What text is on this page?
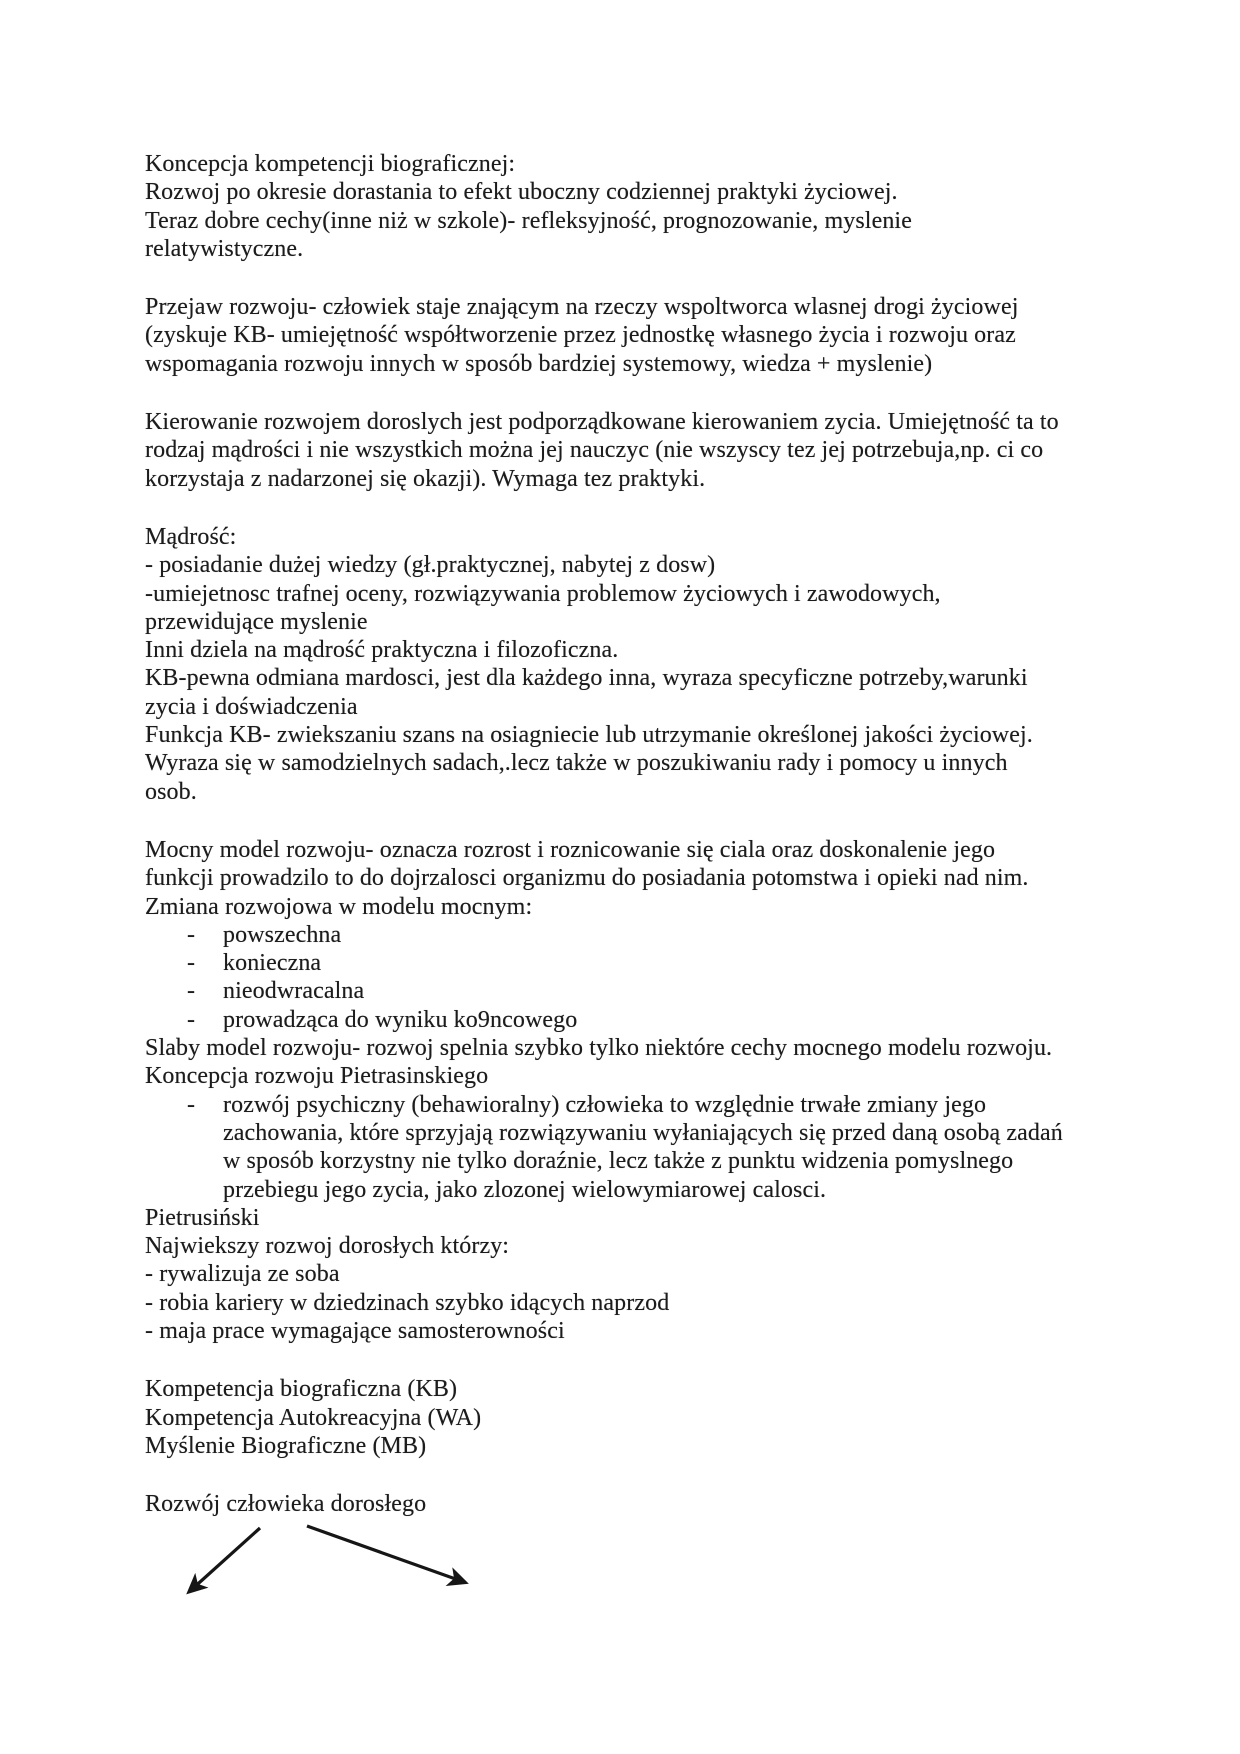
Koncepcja kompetencji biograficznej:
Rozwoj po okresie dorastania to efekt uboczny codziennej praktyki życiowej.
Teraz dobre cechy(inne niż w szkole)- refleksyjność, prognozowanie, myslenie
relatywistyczne.
Przejaw rozwoju- człowiek staje znającym na rzeczy wspoltworca wlasnej drogi życiowej
(zyskuje KB- umiejętność współtworzenie przez jednostkę własnego życia i rozwoju oraz
wspomagania rozwoju innych w sposób bardziej systemowy, wiedza + myslenie)
Kierowanie rozwojem doroslych jest podporządkowane kierowaniem zycia. Umiejętność ta to
rodzaj mądrości i nie wszystkich można jej nauczyc (nie wszyscy tez jej potrzebuja,np. ci co
korzystaja z nadarzonej się okazji). Wymaga tez praktyki.
Mądrość:
- posiadanie dużej wiedzy (gł.praktycznej, nabytej z dosw)
-umiejetnosc trafnej oceny, rozwiązywania problemow życiowych i zawodowych,
przewidujące myslenie
Inni dziela na mądrość praktyczna i filozoficzna.
KB-pewna odmiana mardosci, jest dla każdego inna, wyraza specyficzne potrzeby,warunki
zycia i doświadczenia
Funkcja KB- zwiekszaniu szans na osiagniecie lub utrzymanie określonej jakości życiowej.
Wyraza się w samodzielnych sadach,.lecz także w poszukiwaniu rady i pomocy u innych
osob.
Mocny model rozwoju- oznacza rozrost i roznicowanie się ciala oraz doskonalenie jego
funkcji prowadzilo to do dojrzalosci organizmu do posiadania potomstwa i opieki nad nim.
Zmiana rozwojowa w modelu mocnym:
- powszechna
- konieczna
- nieodwracalna
- prowadząca do wyniku ko9ncowego
Slaby model rozwoju- rozwoj spelnia szybko tylko niektóre cechy mocnego modelu rozwoju.
Koncepcja rozwoju Pietrasinskiego
- rozwój psychiczny (behawioralny) człowieka to względnie trwałe zmiany jego
zachowania, które sprzyjają rozwiązywaniu wyłaniających się przed daną osobą zadań
w sposób korzystny nie tylko doraźnie, lecz także z punktu widzenia pomyslnego
przebiegu jego zycia, jako zlozonej wielowymiarowej calosci.
Pietrusiński
Najwiekszy rozwoj dorosłych którzy:
- rywalizuja ze soba
- robia kariery w dziedzinach szybko idących naprzod
- maja prace wymagające samosterowności
Kompetencja biograficzna (KB)
Kompetencja Autokreacyjna (WA)
Myślenie Biograficzne (MB)
Rozwój człowieka dorosłego
